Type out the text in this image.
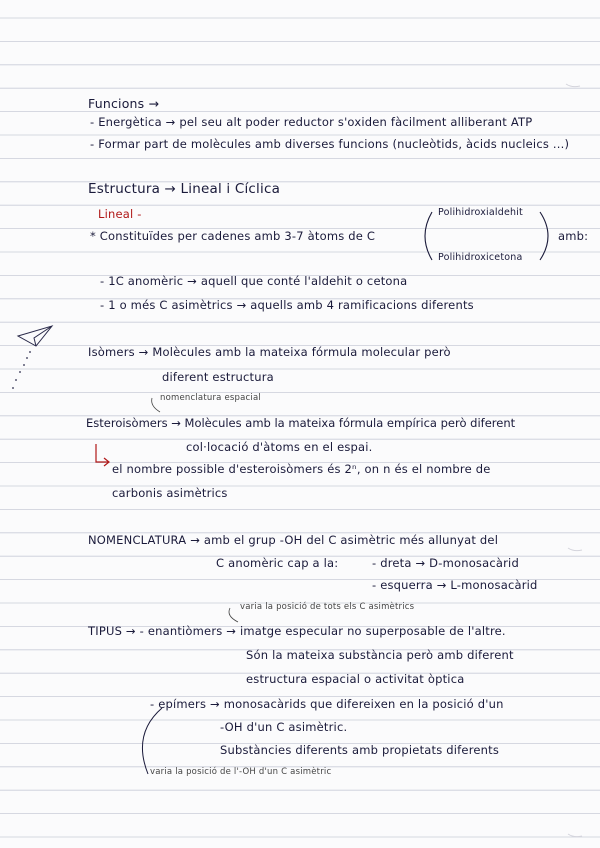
Funcions →
- Energètica → pel seu alt poder reductor s'oxiden fàcilment alliberant ATP
- Formar part de molècules amb diverses funcions (nucleòtids, àcids nucleics ...)
Estructura → Lineal i Cíclica
Lineal -
* Constituïdes per cadenes amb 3-7 àtoms de C
Polihidroxialdehit
Polihidroxicetona
amb:
- 1C anomèric → aquell que conté l'aldehit o cetona
- 1 o més C asimètrics → aquells amb 4 ramificacions diferents
Isòmers → Molècules amb la mateixa fórmula molecular però
diferent estructura
nomenclatura espacial
Esteroisòmers → Molècules amb la mateixa fórmula empírica però diferent
col·locació d'àtoms en el espai.
el nombre possible d'esteroisòmers és 2ⁿ, on n és el nombre de
carbonis asimètrics
NOMENCLATURA → amb el grup -OH del C asimètric més allunyat del
C anomèric cap a la:	- dreta → D-monosacàrid
- esquerra → L-monosacàrid
varia la posició de tots els C asimètrics
TIPUS → - enantiòmers → imatge especular no superposable de l'altre.
Són la mateixa substància però amb diferent
estructura espacial o activitat òptica
- epímers → monosacàrids que difereixen en la posició d'un
-OH d'un C asimètric.
Substàncies diferents amb propietats diferents
varia la posició de l'-OH d'un C asimètric
